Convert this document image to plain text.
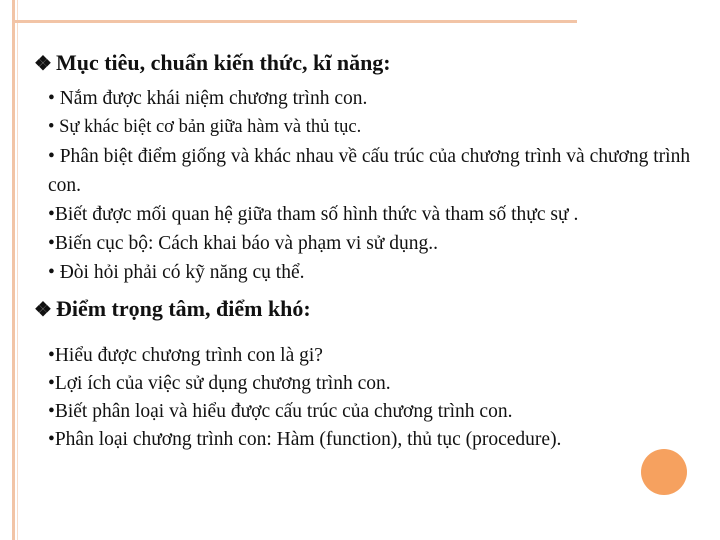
❖ Mục tiêu, chuẩn kiến thức, kĩ năng:
• Nắm được khái niệm chương trình con.
• Sự khác biệt cơ bản giữa hàm và thủ tục.
• Phân biệt điểm giống và khác nhau về cấu trúc của chương trình và chương trình con.
•Biết được mối quan hệ giữa tham số hình thức và tham số thực sự .
•Biến cục bộ: Cách khai báo và phạm vi sử dụng..
• Đòi hỏi phải có kỹ năng cụ thể.
❖ Điểm trọng tâm, điểm khó:
•Hiểu được chương trình con là gi?
•Lợi ích của việc sử dụng chương trình con.
•Biết phân loại và hiểu được cấu trúc của chương trình con.
•Phân loại chương trình con: Hàm (function), thủ tục (procedure).
